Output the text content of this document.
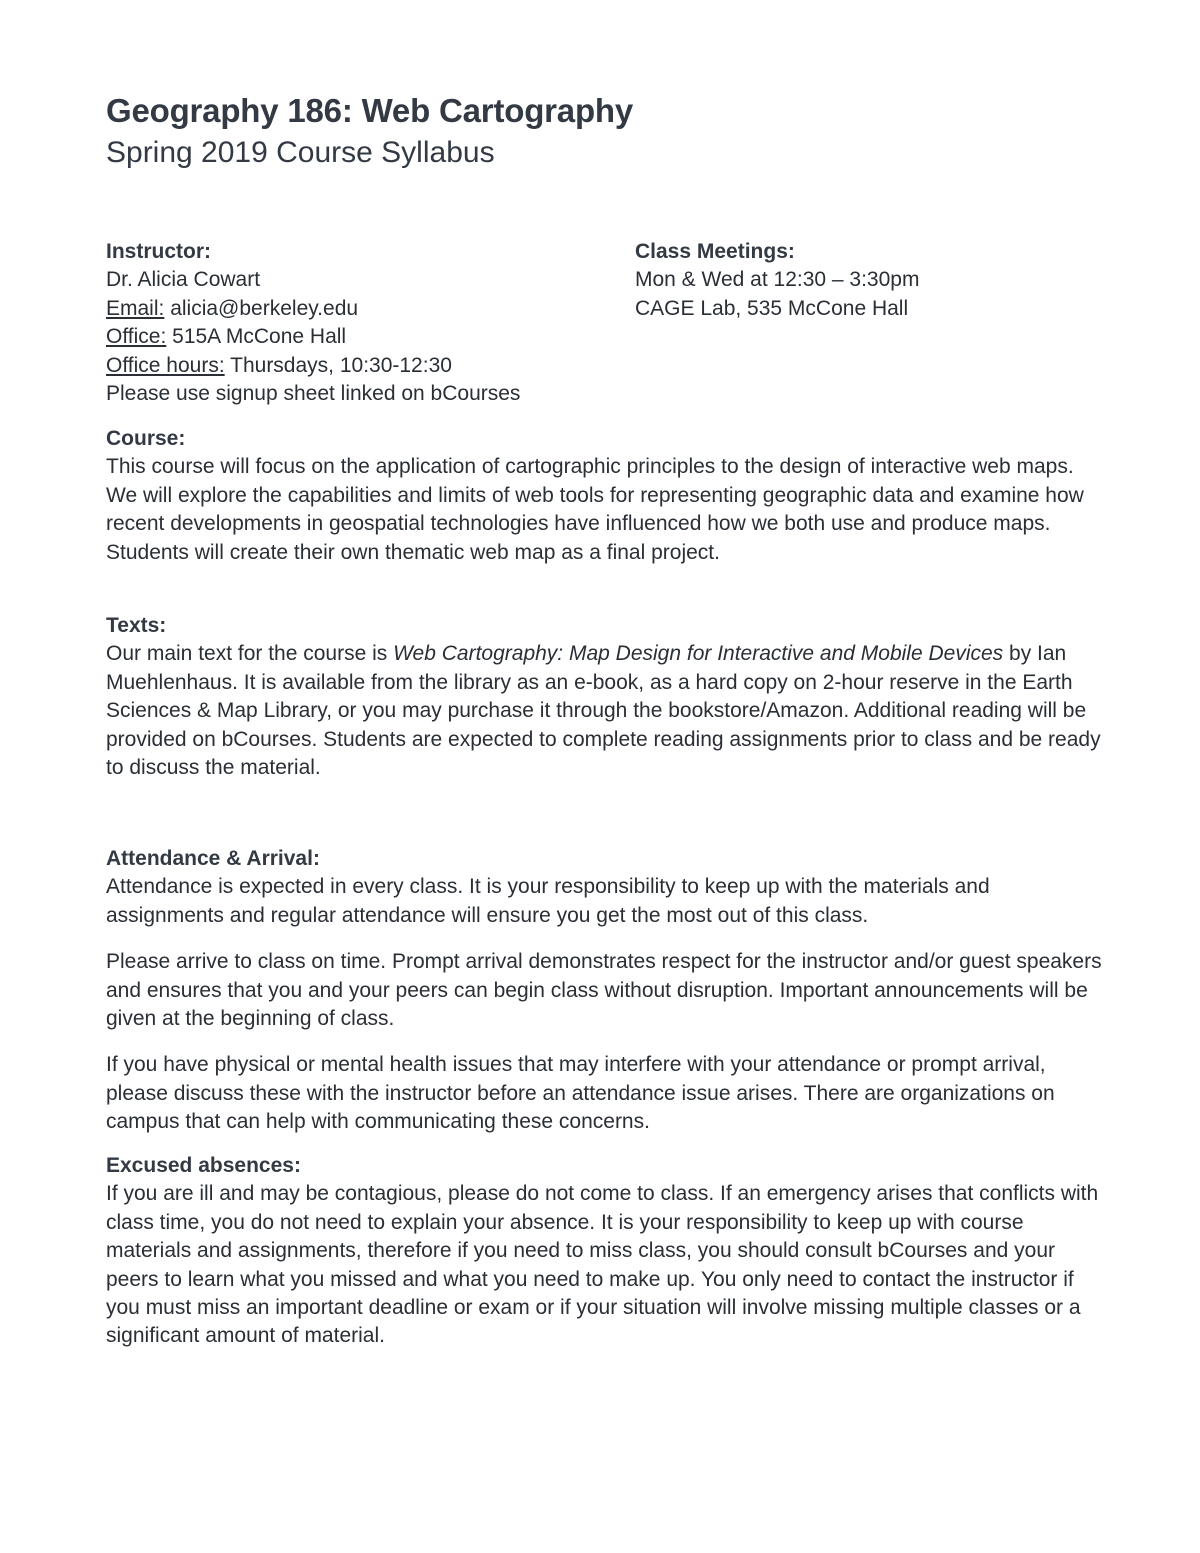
Geography 186: Web Cartography
Spring 2019 Course Syllabus
Instructor:
Dr. Alicia Cowart
Email: alicia@berkeley.edu
Office: 515A McCone Hall
Office hours: Thursdays, 10:30-12:30
Please use signup sheet linked on bCourses
Class Meetings:
Mon & Wed at 12:30 – 3:30pm
CAGE Lab, 535 McCone Hall

Course:

This course will focus on the application of cartographic principles to the design of interactive web maps. We will explore the capabilities and limits of web tools for representing geographic data and examine how recent developments in geospatial technologies have influenced how we both use and produce maps. Students will create their own thematic web map as a final project.

Texts:

Our main text for the course is Web Cartography: Map Design for Interactive and Mobile Devices by Ian Muehlenhaus. It is available from the library as an e-book, as a hard copy on 2-hour reserve in the Earth Sciences & Map Library, or you may purchase it through the bookstore/Amazon. Additional reading will be provided on bCourses. Students are expected to complete reading assignments prior to class and be ready to discuss the material.

Attendance & Arrival:

Attendance is expected in every class. It is your responsibility to keep up with the materials and assignments and regular attendance will ensure you get the most out of this class.

Please arrive to class on time. Prompt arrival demonstrates respect for the instructor and/or guest speakers and ensures that you and your peers can begin class without disruption. Important announcements will be given at the beginning of class.

If you have physical or mental health issues that may interfere with your attendance or prompt arrival, please discuss these with the instructor before an attendance issue arises. There are organizations on campus that can help with communicating these concerns.

Excused absences:

If you are ill and may be contagious, please do not come to class. If an emergency arises that conflicts with class time, you do not need to explain your absence. It is your responsibility to keep up with course materials and assignments, therefore if you need to miss class, you should consult bCourses and your peers to learn what you missed and what you need to make up. You only need to contact the instructor if you must miss an important deadline or exam or if your situation will involve missing multiple classes or a significant amount of material.
